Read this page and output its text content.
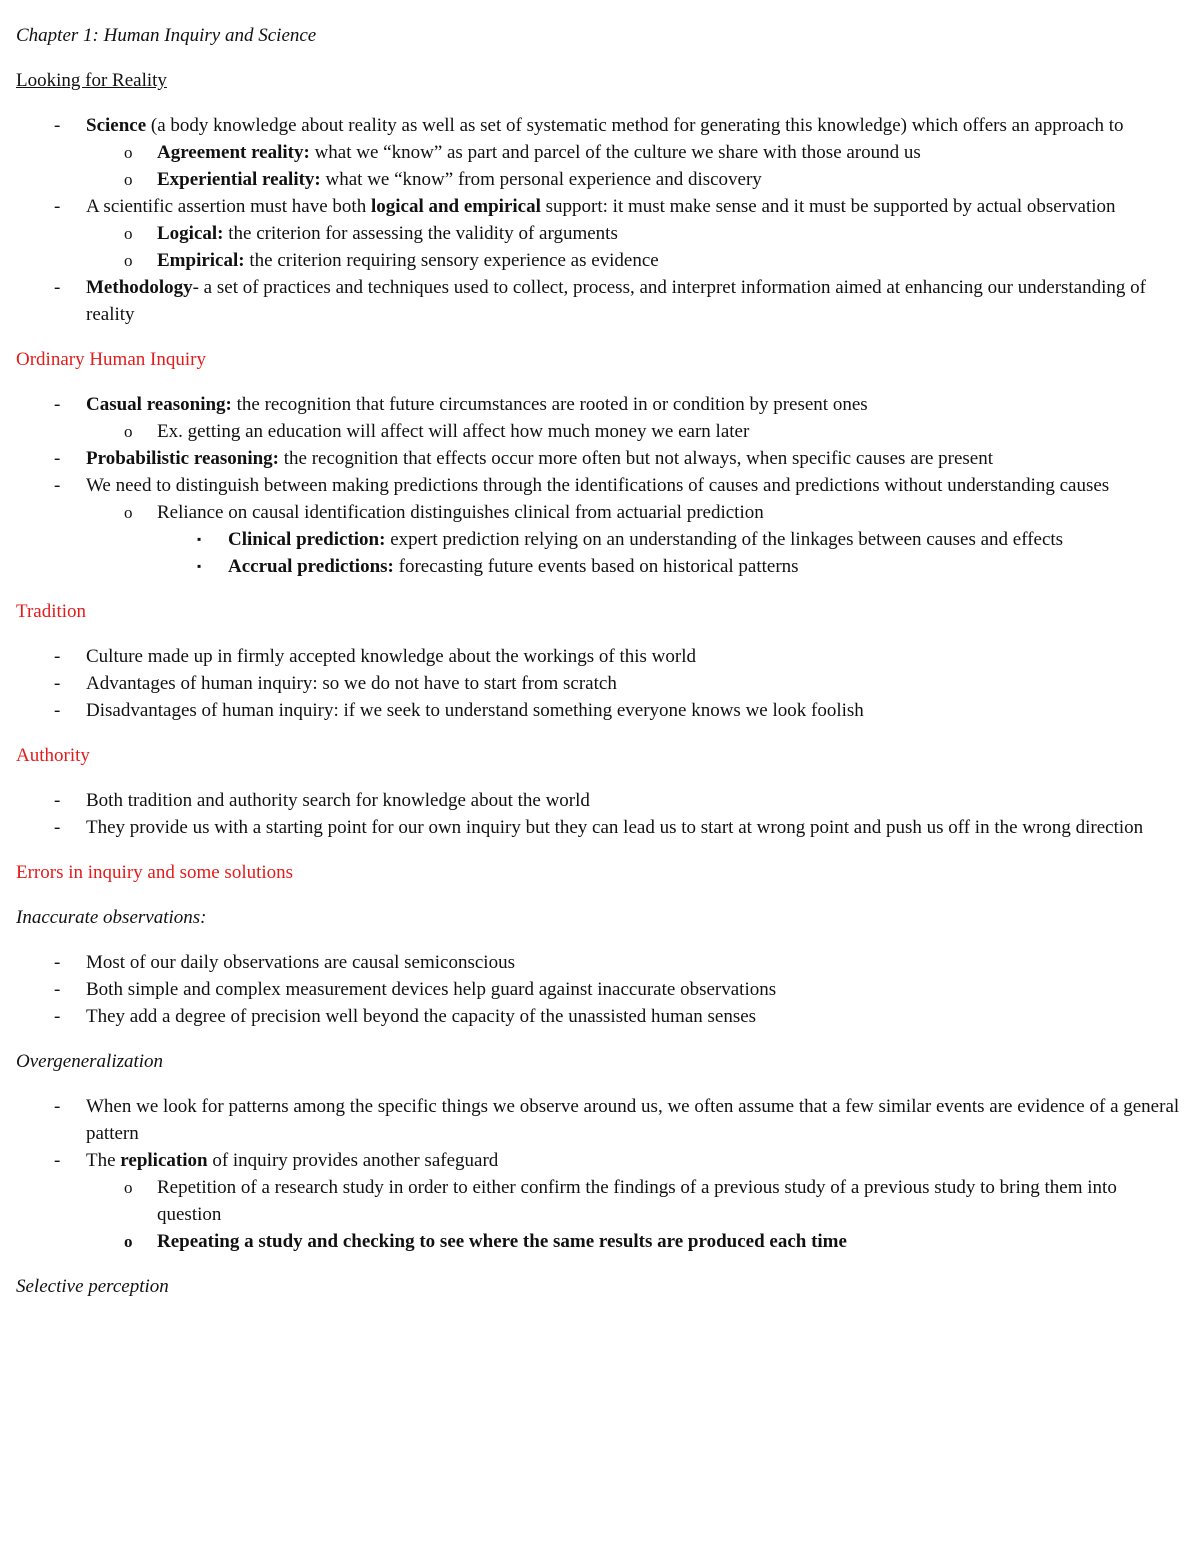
Chapter 1: Human Inquiry and Science

Looking for Reality

- Science (a body knowledge about reality as well as set of systematic method for generating this knowledge) which offers an approach to
o Agreement reality: what we “know” as part and parcel of the culture we share with those around us
o Experiential reality: what we “know” from personal experience and discovery
- A scientific assertion must have both logical and empirical support: it must make sense and it must be supported by actual observation
o Logical: the criterion for assessing the validity of arguments
o Empirical: the criterion requiring sensory experience as evidence
- Methodology- a set of practices and techniques used to collect, process, and interpret information aimed at enhancing our understanding of reality

Ordinary Human Inquiry

- Casual reasoning: the recognition that future circumstances are rooted in or condition by present ones
o Ex. getting an education will affect will affect how much money we earn later
- Probabilistic reasoning: the recognition that effects occur more often but not always, when specific causes are present
- We need to distinguish between making predictions through the identifications of causes and predictions without understanding causes
o Reliance on causal identification distinguishes clinical from actuarial prediction
▪ Clinical prediction: expert prediction relying on an understanding of the linkages between causes and effects
▪ Accrual predictions: forecasting future events based on historical patterns

Tradition

- Culture made up in firmly accepted knowledge about the workings of this world
- Advantages of human inquiry: so we do not have to start from scratch
- Disadvantages of human inquiry: if we seek to understand something everyone knows we look foolish

Authority

- Both tradition and authority search for knowledge about the world
- They provide us with a starting point for our own inquiry but they can lead us to start at wrong point and push us off in the wrong direction

Errors in inquiry and some solutions

Inaccurate observations:

- Most of our daily observations are causal semiconscious
- Both simple and complex measurement devices help guard against inaccurate observations
- They add a degree of precision well beyond the capacity of the unassisted human senses

Overgeneralization

- When we look for patterns among the specific things we observe around us, we often assume that a few similar events are evidence of a general pattern
- The replication of inquiry provides another safeguard
o Repetition of a research study in order to either confirm the findings of a previous study of a previous study to bring them into question
o Repeating a study and checking to see where the same results are produced each time

Selective perception
